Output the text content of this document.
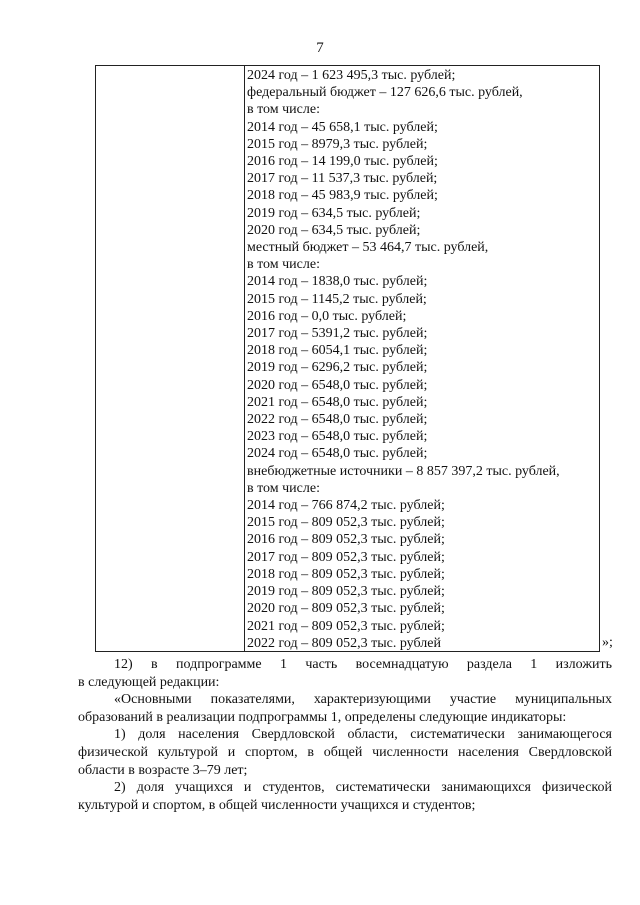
7
2024 год – 1 623 495,3 тыс. рублей;
федеральный бюджет – 127 626,6 тыс. рублей,
в том числе:
2014 год – 45 658,1 тыс. рублей;
2015 год – 8979,3 тыс. рублей;
2016 год – 14 199,0 тыс. рублей;
2017 год – 11 537,3 тыс. рублей;
2018 год – 45 983,9 тыс. рублей;
2019 год – 634,5 тыс. рублей;
2020 год – 634,5 тыс. рублей;
местный бюджет – 53 464,7 тыс. рублей,
в том числе:
2014 год – 1838,0 тыс. рублей;
2015 год – 1145,2 тыс. рублей;
2016 год – 0,0 тыс. рублей;
2017 год – 5391,2 тыс. рублей;
2018 год – 6054,1 тыс. рублей;
2019 год – 6296,2 тыс. рублей;
2020 год – 6548,0 тыс. рублей;
2021 год – 6548,0 тыс. рублей;
2022 год – 6548,0 тыс. рублей;
2023 год – 6548,0 тыс. рублей;
2024 год – 6548,0 тыс. рублей;
внебюджетные источники – 8 857 397,2 тыс. рублей,
в том числе:
2014 год – 766 874,2 тыс. рублей;
2015 год – 809 052,3 тыс. рублей;
2016 год – 809 052,3 тыс. рублей;
2017 год – 809 052,3 тыс. рублей;
2018 год – 809 052,3 тыс. рублей;
2019 год – 809 052,3 тыс. рублей;
2020 год – 809 052,3 тыс. рублей;
2021 год – 809 052,3 тыс. рублей;
2022 год – 809 052,3 тыс. рублей	»;

12) в подпрограмме 1 часть восемнадцатую раздела 1 изложить

в следующей редакции:

«Основными показателями, характеризующими участие муниципальных образований в реализации подпрограммы 1, определены следующие индикаторы:

1) доля населения Свердловской области, систематически занимающегося физической культурой и спортом, в общей численности населения Свердловской области в возрасте 3–79 лет;

2) доля учащихся и студентов, систематически занимающихся физической культурой и спортом, в общей численности учащихся и студентов;
